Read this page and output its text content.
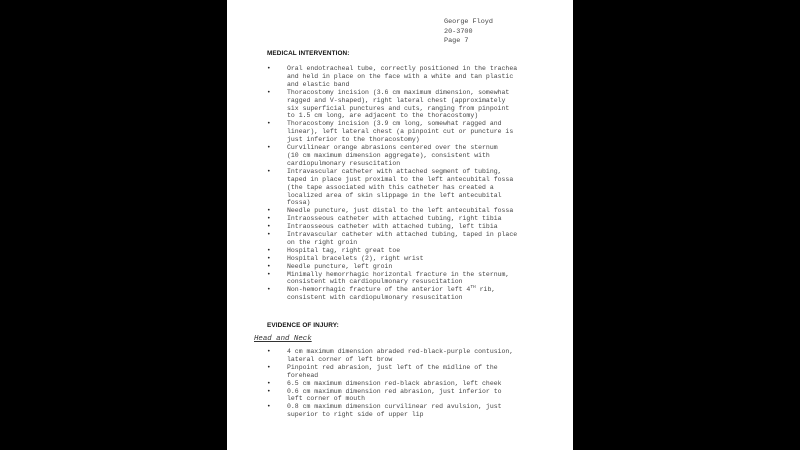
George Floyd
20-3700
Page 7
MEDICAL INTERVENTION:
•	Oral endotracheal tube, correctly positioned in the trachea
and held in place on the face with a white and tan plastic
and elastic band
•	Thoracostomy incision (3.6 cm maximum dimension, somewhat
ragged and V-shaped), right lateral chest (approximately
six superficial punctures and cuts, ranging from pinpoint
to 1.5 cm long, are adjacent to the thoracostomy)
•	Thoracostomy incision (3.9 cm long, somewhat ragged and
linear), left lateral chest (a pinpoint cut or puncture is
just inferior to the thoracostomy)
•	Curvilinear orange abrasions centered over the sternum
(10 cm maximum dimension aggregate), consistent with
cardiopulmonary resuscitation
•	Intravascular catheter with attached segment of tubing,
taped in place just proximal to the left antecubital fossa
(the tape associated with this catheter has created a
localized area of skin slippage in the left antecubital
fossa)
•	Needle puncture, just distal to the left antecubital fossa
•	Intraosseous catheter with attached tubing, right tibia
•	Intraosseous catheter with attached tubing, left tibia
•	Intravascular catheter with attached tubing, taped in place
on the right groin
•	Hospital tag, right great toe
•	Hospital bracelets (2), right wrist
•	Needle puncture, left groin
•	Minimally hemorrhagic horizontal fracture in the sternum,
consistent with cardiopulmonary resuscitation
•	Non-hemorrhagic fracture of the anterior left 4TH rib,
consistent with cardiopulmonary resuscitation
EVIDENCE OF INJURY:
Head and Neck
•	4 cm maximum dimension abraded red-black-purple contusion,
lateral corner of left brow
•	Pinpoint red abrasion, just left of the midline of the
forehead
•	6.5 cm maximum dimension red-black abrasion, left cheek
•	0.6 cm maximum dimension red abrasion, just inferior to
left corner of mouth
•	0.8 cm maximum dimension curvilinear red avulsion, just
superior to right side of upper lip
